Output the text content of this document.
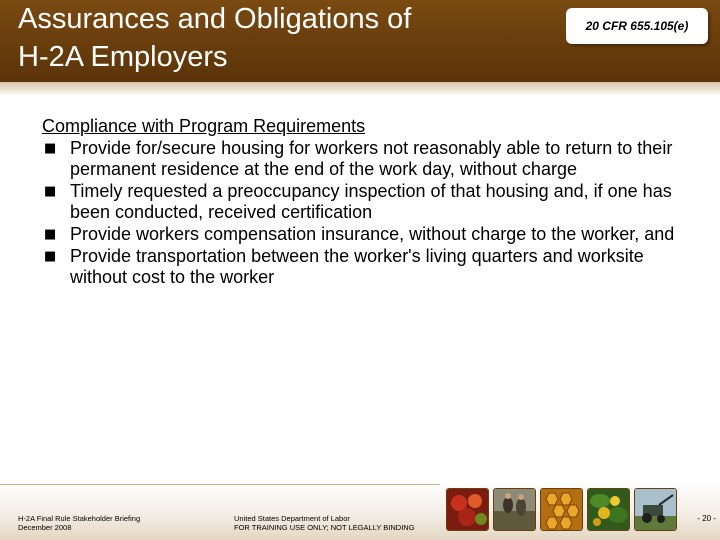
Assurances and Obligations of
H-2A Employers
20 CFR 655.105(e)

Compliance with Program Requirements

■ Provide for/secure housing for workers not reasonably able to return to their permanent residence at the end of the work day, without charge
■ Timely requested a preoccupancy inspection of that housing and, if one has been conducted, received certification
■ Provide workers compensation insurance, without charge to the worker, and
■ Provide transportation between the worker's living quarters and worksite without cost to the worker
H-2A Final Rule Stakeholder Briefing
December 2008
United States Department of Labor
FOR TRAINING USE ONLY; NOT LEGALLY BINDING
- 20 -
